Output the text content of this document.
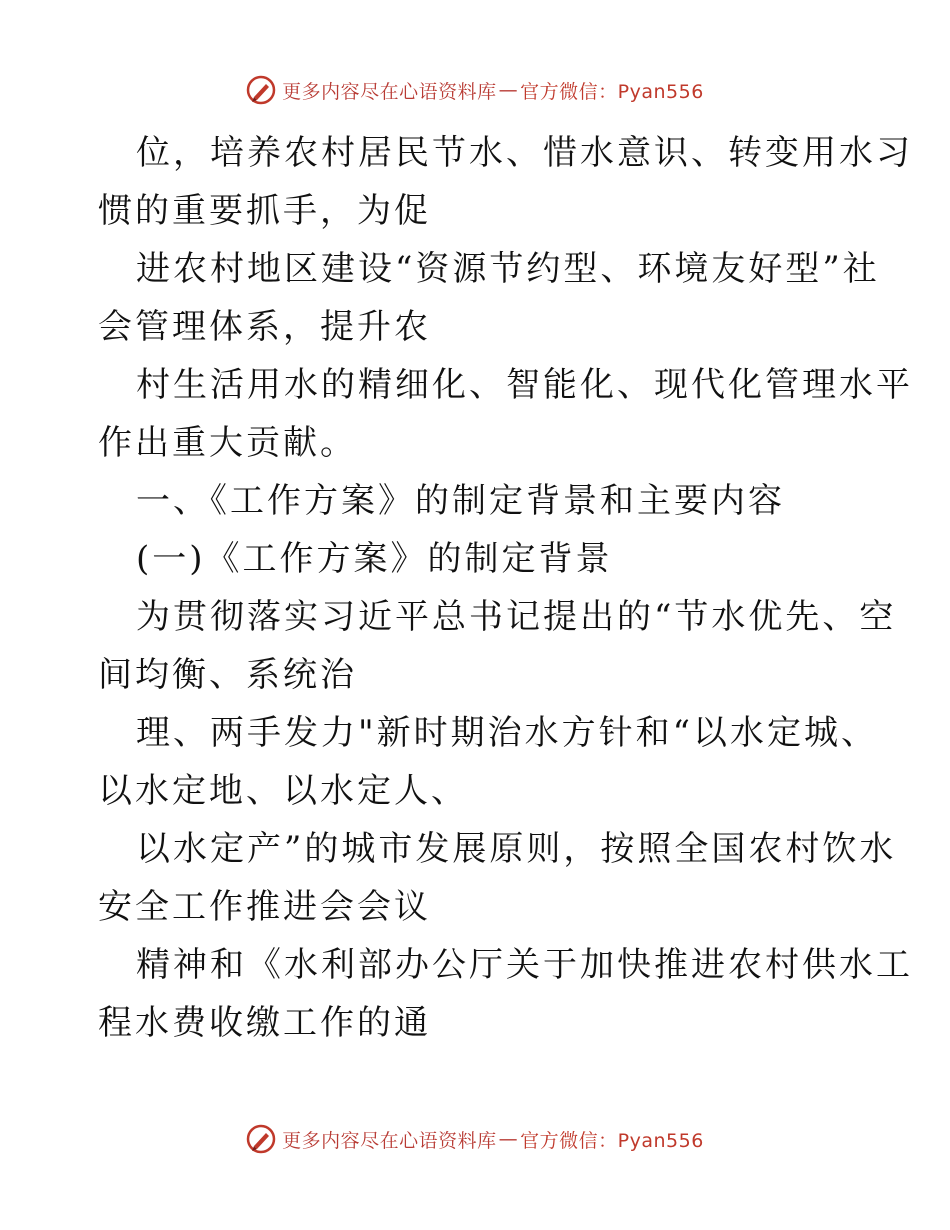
更多内容尽在心语资料库 — 官方微信：Pyan556
位，培养农村居民节水、惜水意识、转变用水习
惯的重要抓手，为促
进农村地区建设“资源节约型、环境友好型”社
会管理体系，提升农
村生活用水的精细化、智能化、现代化管理水平
作出重大贡献。
一、《工作方案》的制定背景和主要内容
(一)《工作方案》的制定背景
为贯彻落实习近平总书记提出的“节水优先、空
间均衡、系统治
理、两手发力"新时期治水方针和“以水定城、
以水定地、以水定人、
以水定产”的城市发展原则，按照全国农村饮水
安全工作推进会会议
精神和《水利部办公厅关于加快推进农村供水工
程水费收缴工作的通
更多内容尽在心语资料库 — 官方微信：Pyan556
